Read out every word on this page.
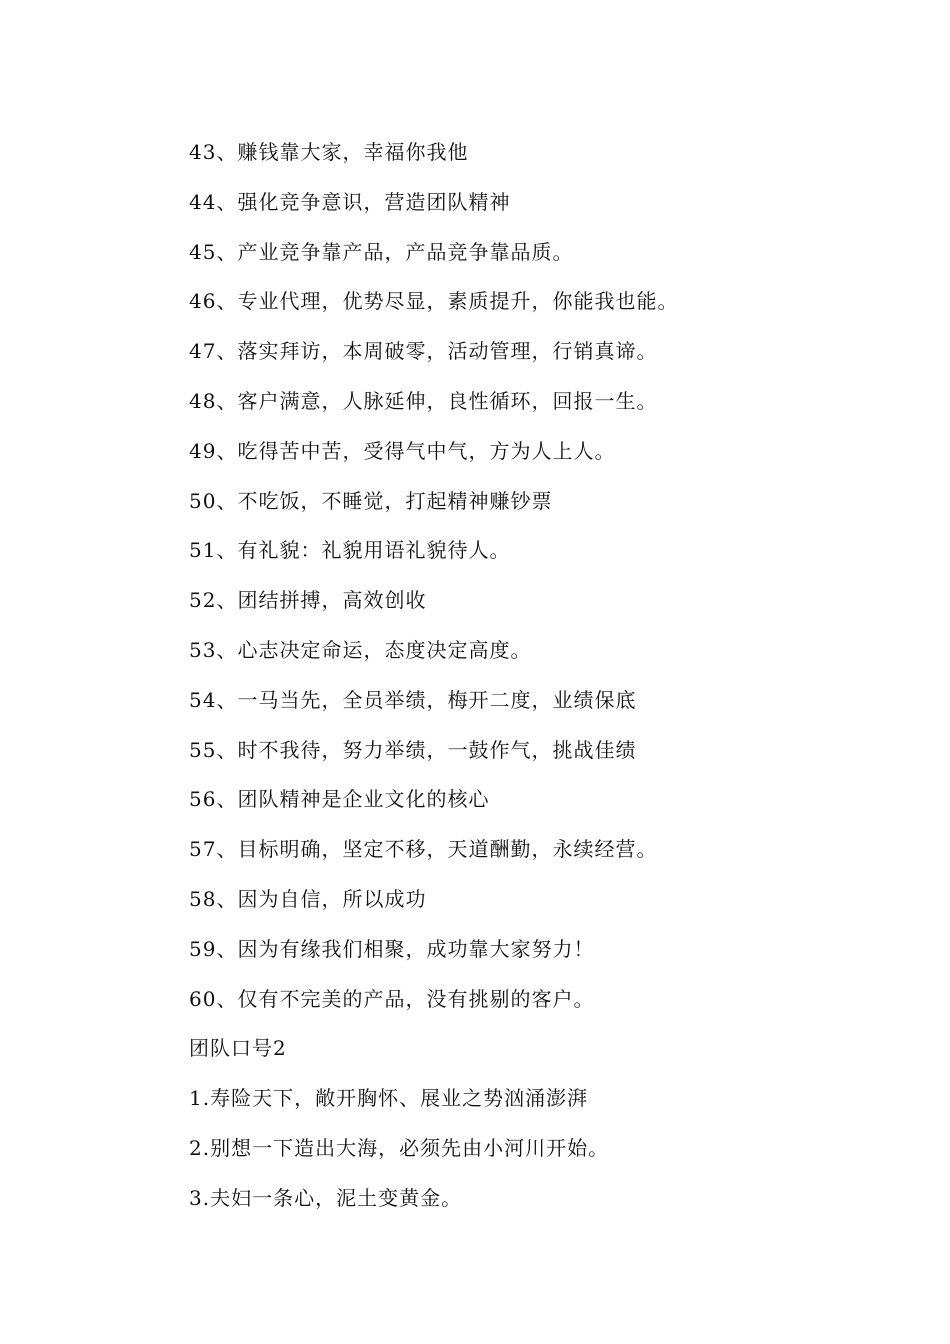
43、赚钱靠大家，幸福你我他
44、强化竞争意识，营造团队精神
45、产业竞争靠产品，产品竞争靠品质。
46、专业代理，优势尽显，素质提升，你能我也能。
47、落实拜访，本周破零，活动管理，行销真谛。
48、客户满意，人脉延伸，良性循环，回报一生。
49、吃得苦中苦，受得气中气，方为人上人。
50、不吃饭，不睡觉，打起精神赚钞票
51、有礼貌：礼貌用语礼貌待人。
52、团结拼搏，高效创收
53、心志决定命运，态度决定高度。
54、一马当先，全员举绩，梅开二度，业绩保底
55、时不我待，努力举绩，一鼓作气，挑战佳绩
56、团队精神是企业文化的核心
57、目标明确，坚定不移，天道酬勤，永续经营。
58、因为自信，所以成功
59、因为有缘我们相聚，成功靠大家努力！
60、仅有不完美的产品，没有挑剔的客户。
团队口号2
1.寿险天下，敞开胸怀、展业之势汹涌澎湃
2.别想一下造出大海，必须先由小河川开始。
3.夫妇一条心，泥土变黄金。
